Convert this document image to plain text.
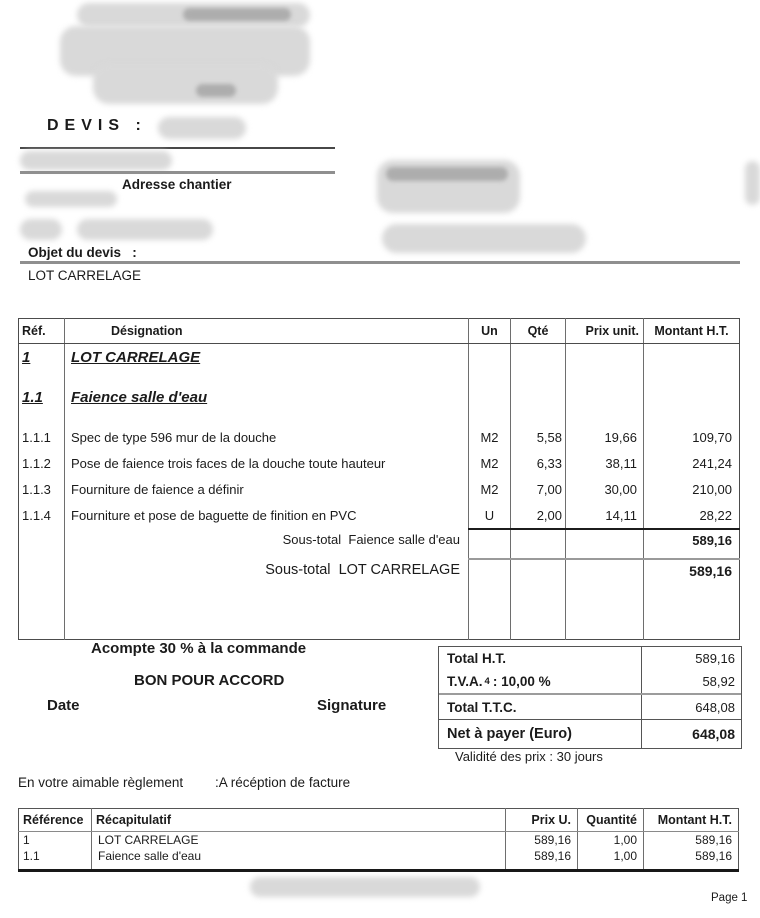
DEVIS :
Adresse chantier
Objet du devis   :
LOT CARRELAGE
Réf.	Désignation	Un	Qté	Prix unit.	Montant H.T.
1	LOT CARRELAGE				
1.1	Faience salle d'eau				
1.1.1	Spec de type 596 mur de la douche	M2	5,58	19,66	109,70
1.1.2	Pose de faience trois faces de la douche toute hauteur	M2	6,33	38,11	241,24
1.1.3	Fourniture de faience a définir	M2	7,00	30,00	210,00
1.1.4	Fourniture et pose de baguette de finition en PVC	U	2,00	14,11	28,22
	Sous-total  Faience salle d'eau				589,16
	Sous-total  LOT CARRELAGE				589,16

Acompte 30 % à la commande
BON POUR ACCORD
Date	Signature
Total H.T.	589,16
T.V.A. 4 : 10,00 %	58,92
Total T.T.C.	648,08
Net à payer (Euro)	648,08
Validité des prix : 30 jours
En votre aimable règlement :A récéption de facture
Référence	Récapitulatif	Prix U.	Quantité	Montant H.T.
1	LOT CARRELAGE	589,16	1,00	589,16
1.1	Faience salle d'eau	589,16	1,00	589,16

Page 1
